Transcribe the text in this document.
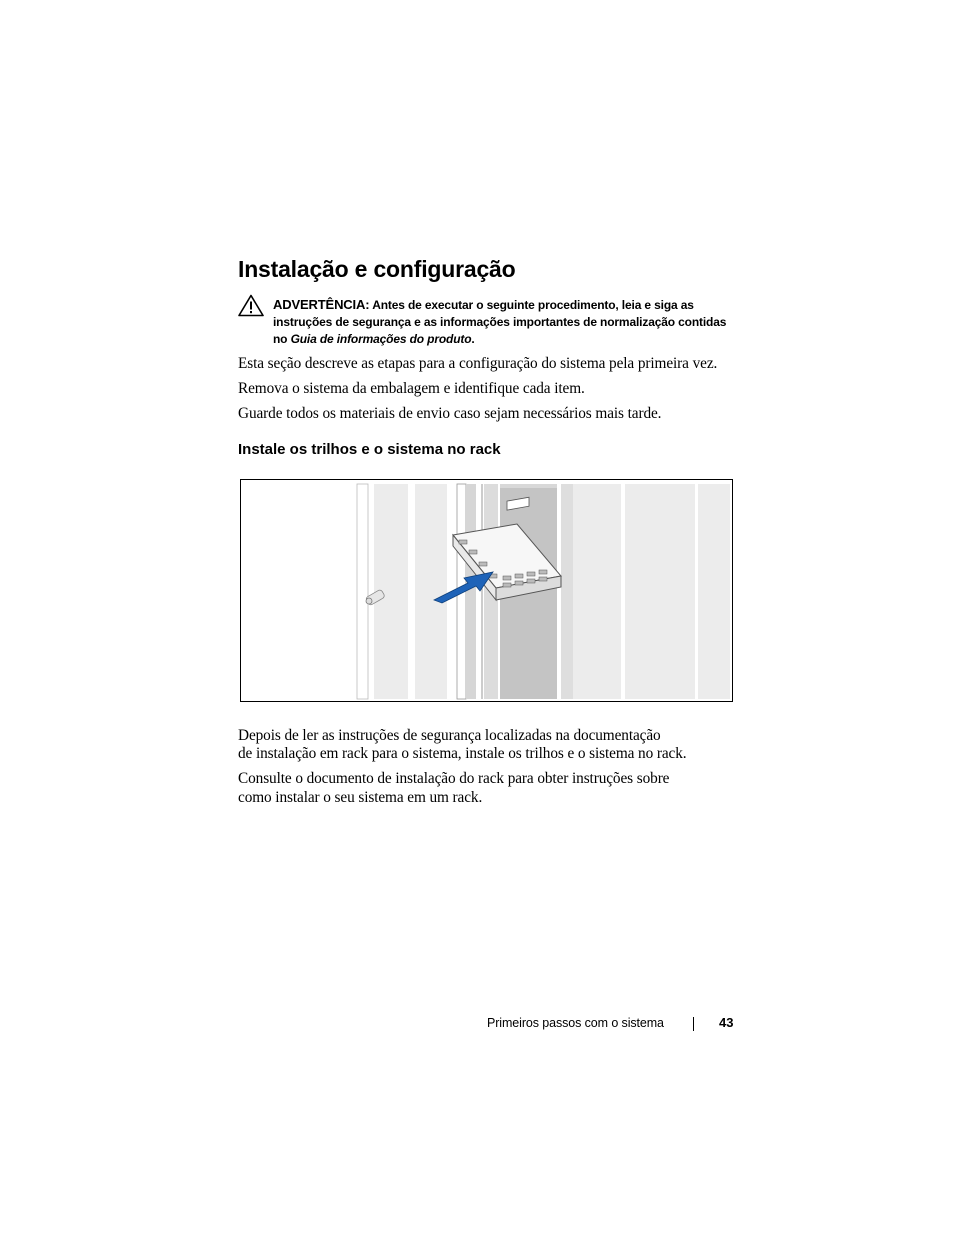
Instalação e configuração
ADVERTÊNCIA: Antes de executar o seguinte procedimento, leia e siga as instruções de segurança e as informações importantes de normalização contidas no Guia de informações do produto.

Esta seção descreve as etapas para a configuração do sistema pela primeira vez.

Remova o sistema da embalagem e identifique cada item.

Guarde todos os materiais de envio caso sejam necessários mais tarde.

Instale os trilhos e o sistema no rack

Depois de ler as instruções de segurança localizadas na documentação

de instalação em rack para o sistema, instale os trilhos e o sistema no rack.

Consulte o documento de instalação do rack para obter instruções sobre

como instalar o seu sistema em um rack.

Primeiros passos com o sistema	43
